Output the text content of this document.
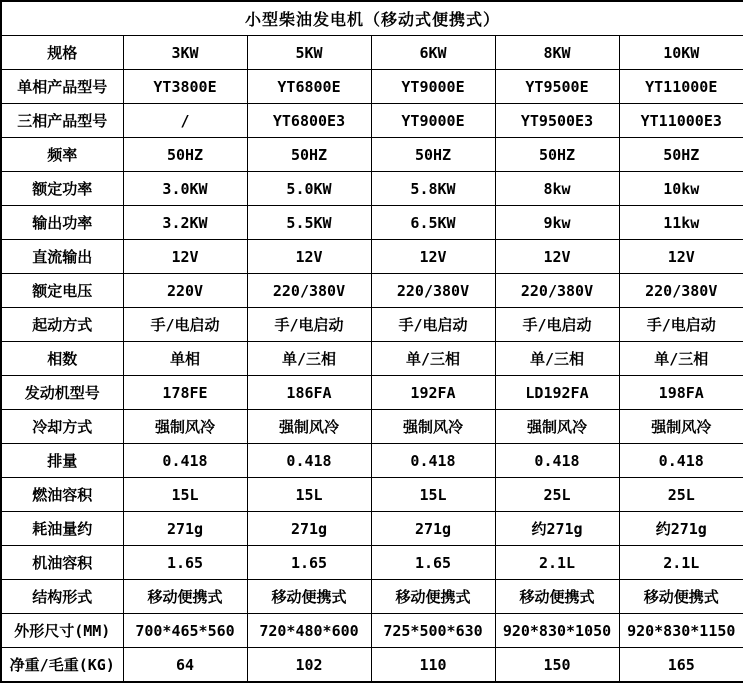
小型柴油发电机（移动式便携式）					
规格	3KW	5KW	6KW	8KW	10KW
单相产品型号	YT3800E	YT6800E	YT9000E	YT9500E	YT11000E
三相产品型号	/	YT6800E3	YT9000E	YT9500E3	YT11000E3
频率	50HZ	50HZ	50HZ	50HZ	50HZ
额定功率	3.0KW	5.0KW	5.8KW	8kw	10kw
输出功率	3.2KW	5.5KW	6.5KW	9kw	11kw
直流输出	12V	12V	12V	12V	12V
额定电压	220V	220/380V	220/380V	220/380V	220/380V
起动方式	手/电启动	手/电启动	手/电启动	手/电启动	手/电启动
相数	单相	单/三相	单/三相	单/三相	单/三相
发动机型号	178FE	186FA	192FA	LD192FA	198FA
冷却方式	强制风冷	强制风冷	强制风冷	强制风冷	强制风冷
排量	0.418	0.418	0.418	0.418	0.418
燃油容积	15L	15L	15L	25L	25L
耗油量约	271g	271g	271g	约271g	约271g
机油容积	1.65	1.65	1.65	2.1L	2.1L
结构形式	移动便携式	移动便携式	移动便携式	移动便携式	移动便携式
外形尺寸(MM)	700*465*560	720*480*600	725*500*630	920*830*1050	920*830*1150
净重/毛重(KG)	64	102	110	150	165
